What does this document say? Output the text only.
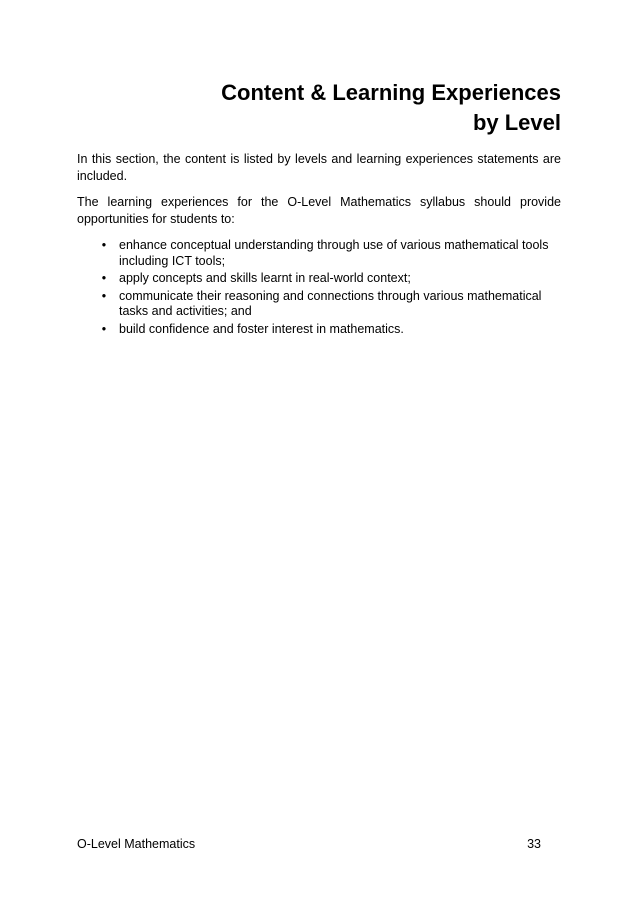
Content & Learning Experiences
by Level

In this section, the content is listed by levels and learning experiences statements are included.

The learning experiences for the O-Level Mathematics syllabus should provide opportunities for students to:

• enhance conceptual understanding through use of various mathematical tools including ICT tools;
• apply concepts and skills learnt in real-world context;
• communicate their reasoning and connections through various mathematical tasks and activities; and
• build confidence and foster interest in mathematics.
O-Level Mathematics	33
